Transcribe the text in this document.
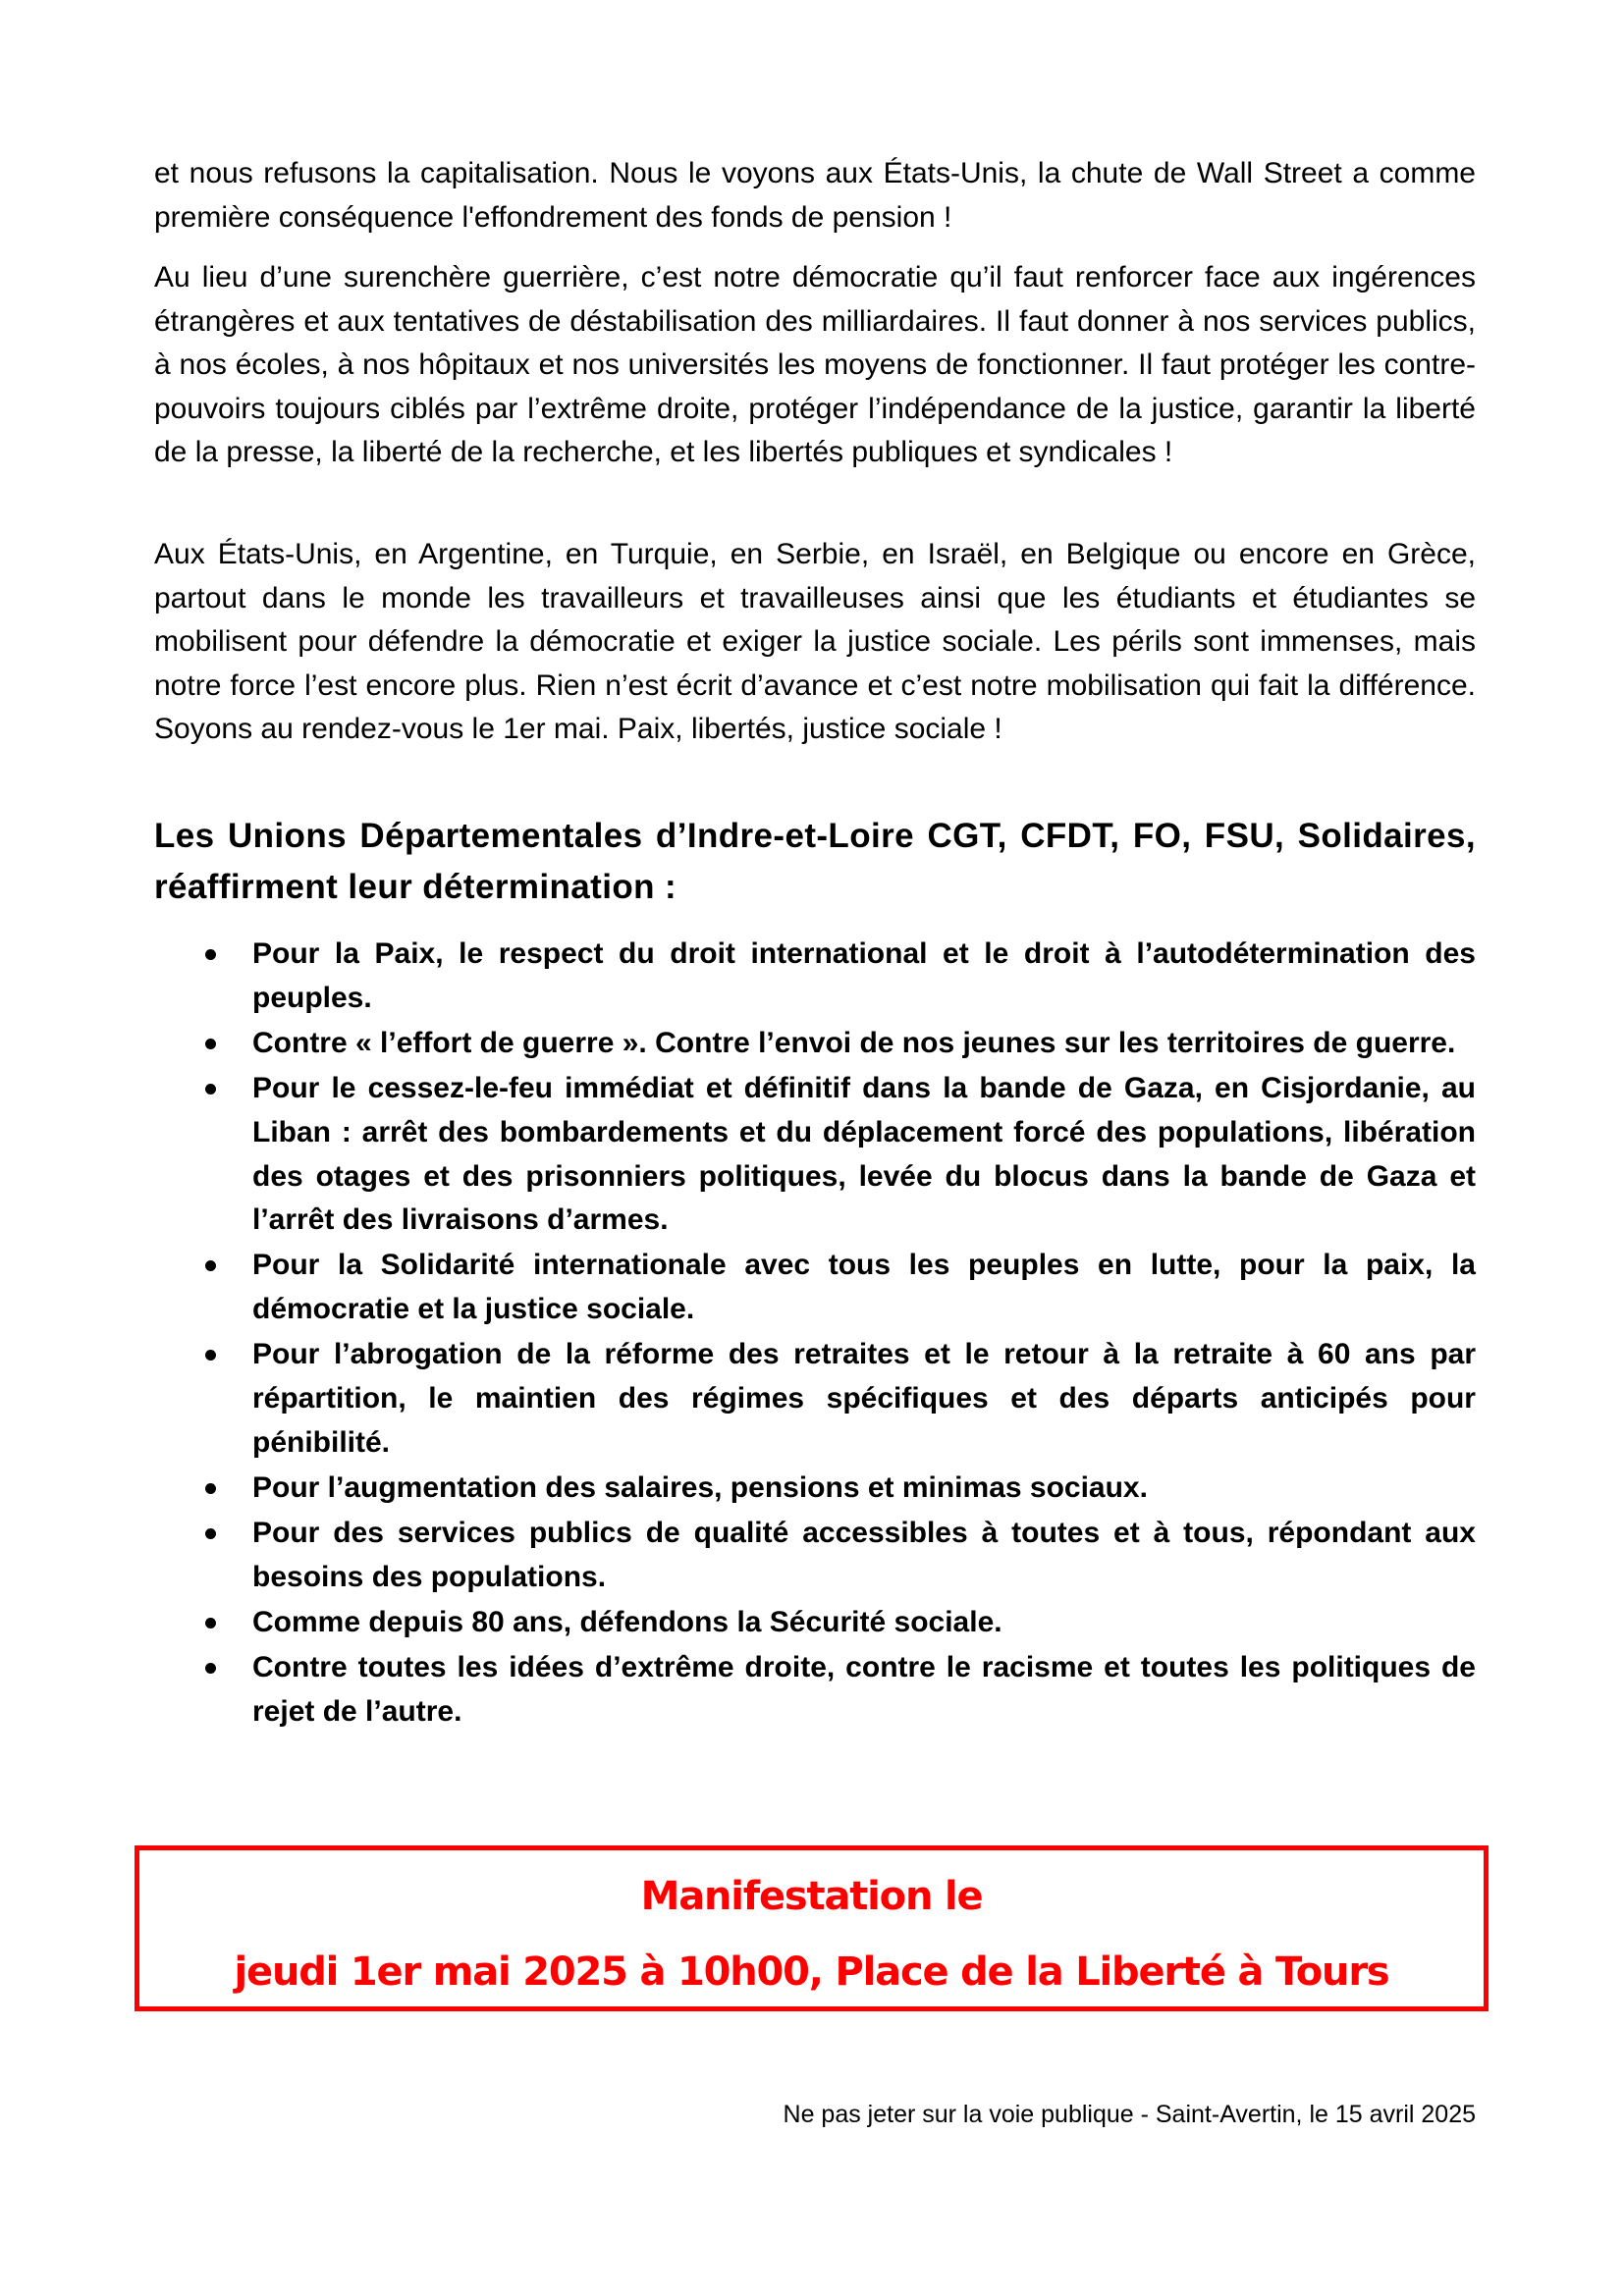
et nous refusons la capitalisation. Nous le voyons aux États-Unis, la chute de Wall Street a comme première conséquence l'effondrement des fonds de pension !

Au lieu d’une surenchère guerrière, c’est notre démocratie qu’il faut renforcer face aux ingérences étrangères et aux tentatives de déstabilisation des milliardaires. Il faut donner à nos services publics, à nos écoles, à nos hôpitaux et nos universités les moyens de fonctionner. Il faut protéger les contre-pouvoirs toujours ciblés par l’extrême droite, protéger l’indépendance de la justice, garantir la liberté de la presse, la liberté de la recherche, et les libertés publiques et syndicales !

Aux États-Unis, en Argentine, en Turquie, en Serbie, en Israël, en Belgique ou encore en Grèce, partout dans le monde les travailleurs et travailleuses ainsi que les étudiants et étudiantes se mobilisent pour défendre la démocratie et exiger la justice sociale. Les périls sont immenses, mais notre force l’est encore plus. Rien n’est écrit d’avance et c’est notre mobilisation qui fait la différence. Soyons au rendez-vous le 1er mai. Paix, libertés, justice sociale !

Les Unions Départementales d’Indre-et-Loire CGT, CFDT, FO, FSU, Solidaires, réaffirment leur détermination :
Pour la Paix, le respect du droit international et le droit à l’autodétermination des peuples.
Contre « l’effort de guerre ». Contre l’envoi de nos jeunes sur les territoires de guerre.
Pour le cessez-le-feu immédiat et définitif dans la bande de Gaza, en Cisjordanie, au Liban : arrêt des bombardements et du déplacement forcé des populations, libération des otages et des prisonniers politiques, levée du blocus dans la bande de Gaza et l’arrêt des livraisons d’armes.
Pour la Solidarité internationale avec tous les peuples en lutte, pour la paix, la démocratie et la justice sociale.
Pour l’abrogation de la réforme des retraites et le retour à la retraite à 60 ans par répartition, le maintien des régimes spécifiques et des départs anticipés pour pénibilité.
Pour l’augmentation des salaires, pensions et minimas sociaux.
Pour des services publics de qualité accessibles à toutes et à tous, répondant aux besoins des populations.
Comme depuis 80 ans, défendons la Sécurité sociale.
Contre toutes les idées d’extrême droite, contre le racisme et toutes les politiques de rejet de l’autre.

Manifestation le

jeudi 1er mai 2025 à 10h00, Place de la Liberté à Tours

Ne pas jeter sur la voie publique - Saint-Avertin, le 15 avril 2025
